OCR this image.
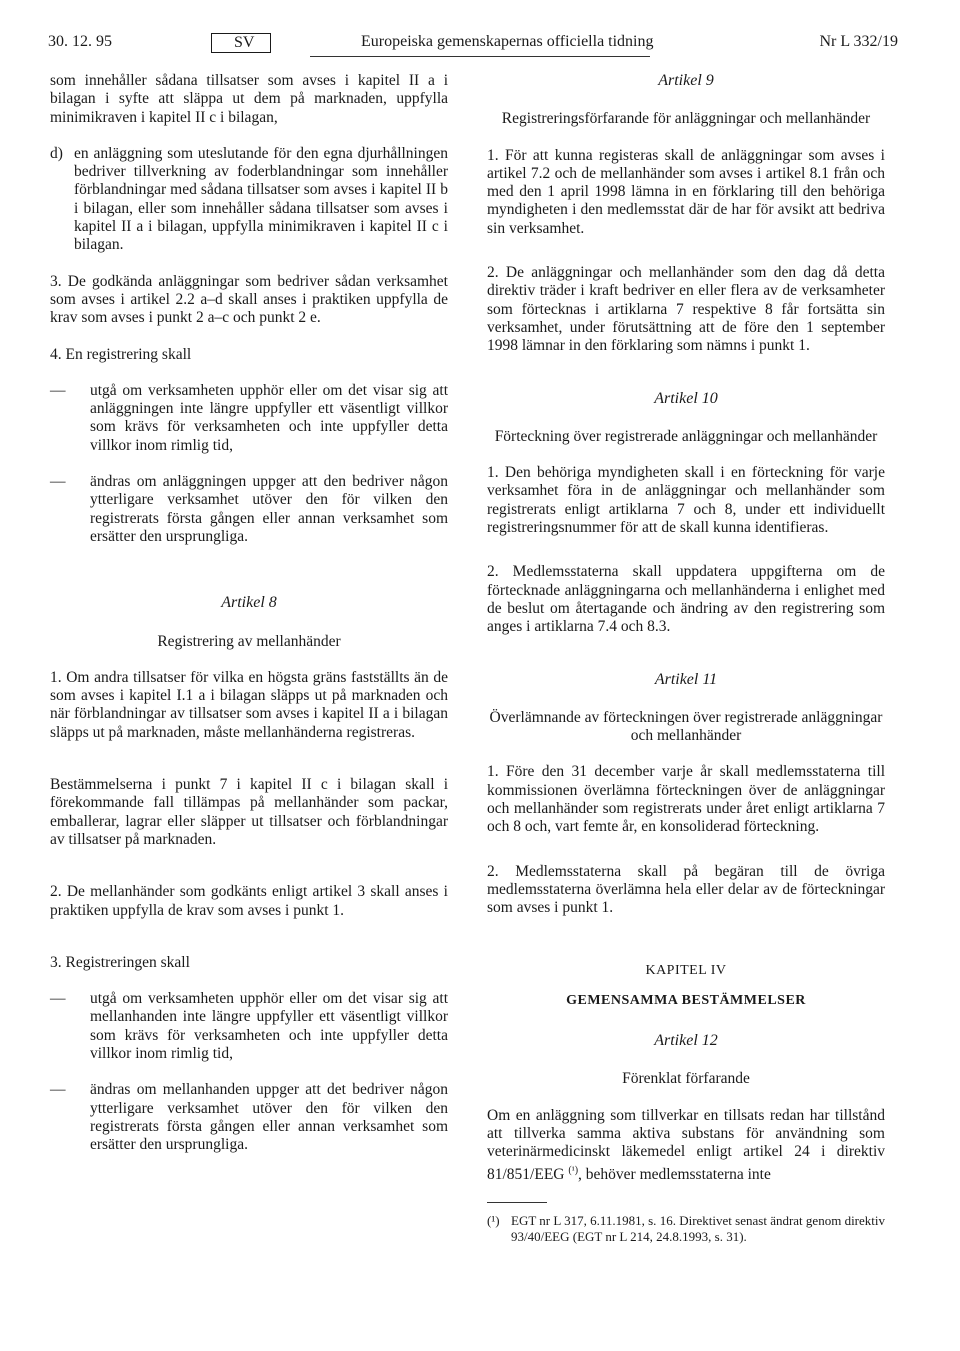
30. 12. 95	SV	Europeiska gemenskapernas officiella tidning	Nr L 332/19

som innehåller sådana tillsatser som avses i kapitel II a i bilagan i syfte att släppa ut dem på marknaden, uppfylla minimikraven i kapitel II c i bilagan,

d) en anläggning som uteslutande för den egna djurhållningen bedriver tillverkning av foderblandningar som innehåller förblandningar med sådana tillsatser som avses i kapitel II b i bilagan, eller som innehåller sådana tillsatser som avses i kapitel II a i bilagan, uppfylla minimikraven i kapitel II c i bilagan.

3. De godkända anläggningar som bedriver sådan verksamhet som avses i artikel 2.2 a–d skall anses i praktiken uppfylla de krav som avses i punkt 2 a–c och punkt 2 e.

4. En registrering skall

—	utgå om verksamheten upphör eller om det visar sig att anläggningen inte längre uppfyller ett väsentligt villkor som krävs för verksamheten och inte uppfyller detta villkor inom rimlig tid,
—	ändras om anläggningen uppger att den bedriver någon ytterligare verksamhet utöver den för vilken den registrerats första gången eller annan verksamhet som ersätter den ursprungliga.
Artikel 8
Registrering av mellanhänder

1. Om andra tillsatser för vilka en högsta gräns fastställts än de som avses i kapitel I.1 a i bilagan släpps ut på marknaden och när förblandningar av tillsatser som avses i kapitel II a i bilagan släpps ut på marknaden, måste mellanhänderna registreras.

Bestämmelserna i punkt 7 i kapitel II c i bilagan skall i förekommande fall tillämpas på mellanhänder som packar, emballerar, lagrar eller släpper ut tillsatser och förblandningar av tillsatser på marknaden.

2. De mellanhänder som godkänts enligt artikel 3 skall anses i praktiken uppfylla de krav som avses i punkt 1.

3. Registreringen skall

—	utgå om verksamheten upphör eller om det visar sig att mellanhanden inte längre uppfyller ett väsentligt villkor som krävs för verksamheten och inte uppfyller detta villkor inom rimlig tid,
—	ändras om mellanhanden uppger att det bedriver någon ytterligare verksamhet utöver den för vilken den registrerats första gången eller annan verksamhet som ersätter den ursprungliga.
Artikel 9
Registreringsförfarande för anläggningar och mellanhänder

1. För att kunna registeras skall de anläggningar som avses i artikel 7.2 och de mellanhänder som avses i artikel 8.1 från och med den 1 april 1998 lämna in en förklaring till den behöriga myndigheten i den medlemsstat där de har för avsikt att bedriva sin verksamhet.

2. De anläggningar och mellanhänder som den dag då detta direktiv träder i kraft bedriver en eller flera av de verksamheter som förtecknas i artiklarna 7 respektive 8 får fortsätta sin verksamhet, under förutsättning att de före den 1 september 1998 lämnar in den förklaring som nämns i punkt 1.

Artikel 10
Förteckning över registrerade anläggningar och mellanhänder

1. Den behöriga myndigheten skall i en förteckning för varje verksamhet föra in de anläggningar och mellanhänder som registrerats enligt artiklarna 7 och 8, under ett individuellt registreringsnummer för att de skall kunna identifieras.

2. Medlemsstaterna skall uppdatera uppgifterna om de förtecknade anläggningarna och mellanhänderna i enlighet med de beslut om återtagande och ändring av den registrering som anges i artiklarna 7.4 och 8.3.

Artikel 11
Överlämnande av förteckningen över registrerade anläggningar och mellanhänder

1. Före den 31 december varje år skall medlemsstaterna till kommissionen överlämna förteckningen över de anläggningar och mellanhänder som registrerats under året enligt artiklarna 7 och 8 och, vart femte år, en konsoliderad förteckning.

2. Medlemsstaterna skall på begäran till de övriga medlemsstaterna överlämna hela eller delar av de förteckningar som avses i punkt 1.

KAPITEL IV
GEMENSAMMA BESTÄMMELSER
Artikel 12
Förenklat förfarande

Om en anläggning som tillverkar en tillsats redan har tillstånd att tillverka samma aktiva substans för användning som veterinärmedicinskt läkemedel enligt artikel 24 i direktiv 81/851/EEG $^{(^1)}$, behöver medlemsstaterna inte

(¹) EGT nr L 317, 6.11.1981, s. 16. Direktivet senast ändrat genom direktiv 93/40/EEG (EGT nr L 214, 24.8.1993, s. 31).
